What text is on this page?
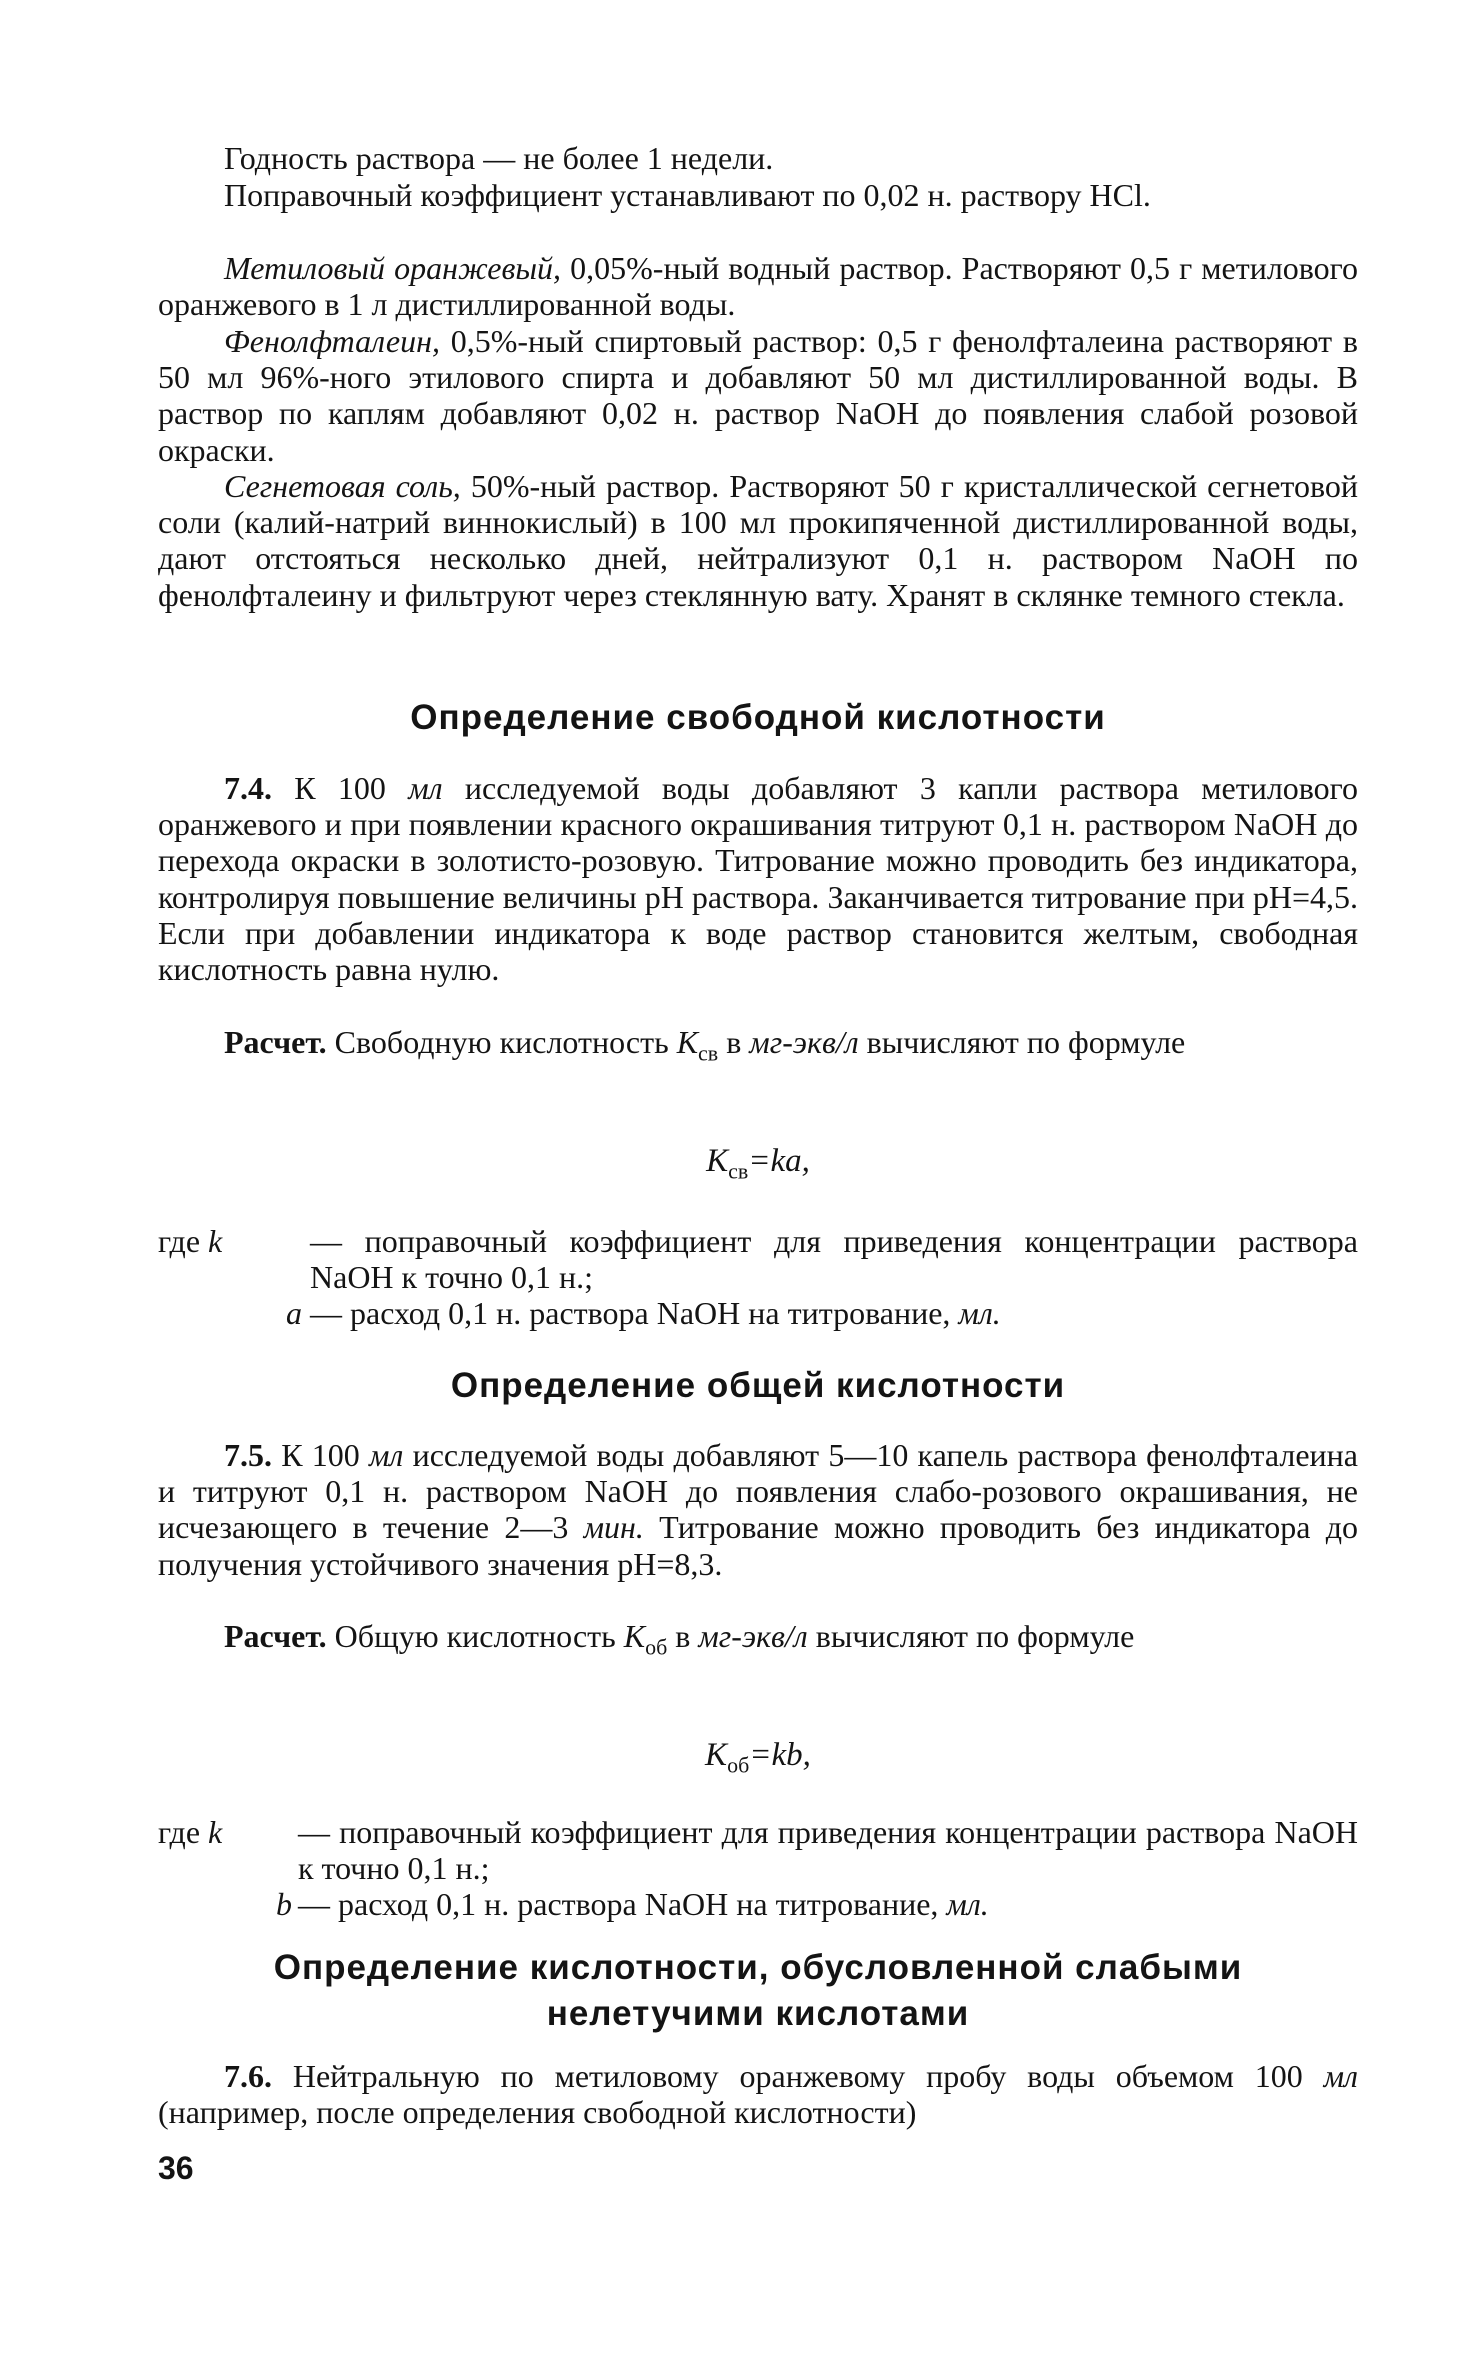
Годность раствора — не более 1 недели.

Поправочный коэффициент устанавливают по 0,02 н. раствору HCl.

Метиловый оранжевый, 0,05%-ный водный раствор. Растворяют 0,5 г метилового оранжевого в 1 л дистиллированной воды.

Фенолфталеин, 0,5%-ный спиртовый раствор: 0,5 г фенолфталеина растворяют в 50 мл 96%-ного этилового спирта и добавляют 50 мл дистиллированной воды. В раствор по каплям добавляют 0,02 н. раствор NaOH до появления слабой розовой окраски.

Сегнетовая соль, 50%-ный раствор. Растворяют 50 г кристаллической сегнетовой соли (калий-натрий виннокислый) в 100 мл прокипяченной дистиллированной воды, дают отстояться несколько дней, нейтрализуют 0,1 н. раствором NaOH по фенолфталеину и фильтруют через стеклянную вату. Хранят в склянке темного стекла.

Определение свободной кислотности

7.4. К 100 мл исследуемой воды добавляют 3 капли раствора метилового оранжевого и при появлении красного окрашивания титруют 0,1 н. раствором NaOH до перехода окраски в золотисто-розовую. Титрование можно проводить без индикатора, контролируя повышение величины pH раствора. Заканчивается титрование при pH=4,5. Если при добавлении индикатора к воде раствор становится желтым, свободная кислотность равна нулю.

Расчет. Свободную кислотность $K_{св}$ в мг-экв/л вычисляют по формуле

$K_{св}=ka$,

где k	— поправочный коэффициент для приведения концентрации раствора NaOH к точно 0,1 н.;
a — расход 0,1 н. раствора NaOH на титрование, мл.
Определение общей кислотности

7.5. К 100 мл исследуемой воды добавляют 5—10 капель раствора фенолфталеина и титруют 0,1 н. раствором NaOH до появления слабо-розового окрашивания, не исчезающего в течение 2—3 мин. Титрование можно проводить без индикатора до получения устойчивого значения pH=8,3.

Расчет. Общую кислотность $K_{об}$ в мг-экв/л вычисляют по формуле

$K_{об}=kb$,

где k	— поправочный коэффициент для приведения концентрации раствора NaOH к точно 0,1 н.;
b — расход 0,1 н. раствора NaOH на титрование, мл.
Определение кислотности, обусловленной слабыми
нелетучими кислотами

7.6. Нейтральную по метиловому оранжевому пробу воды объемом 100 мл (например, после определения свободной кислотности)

36
